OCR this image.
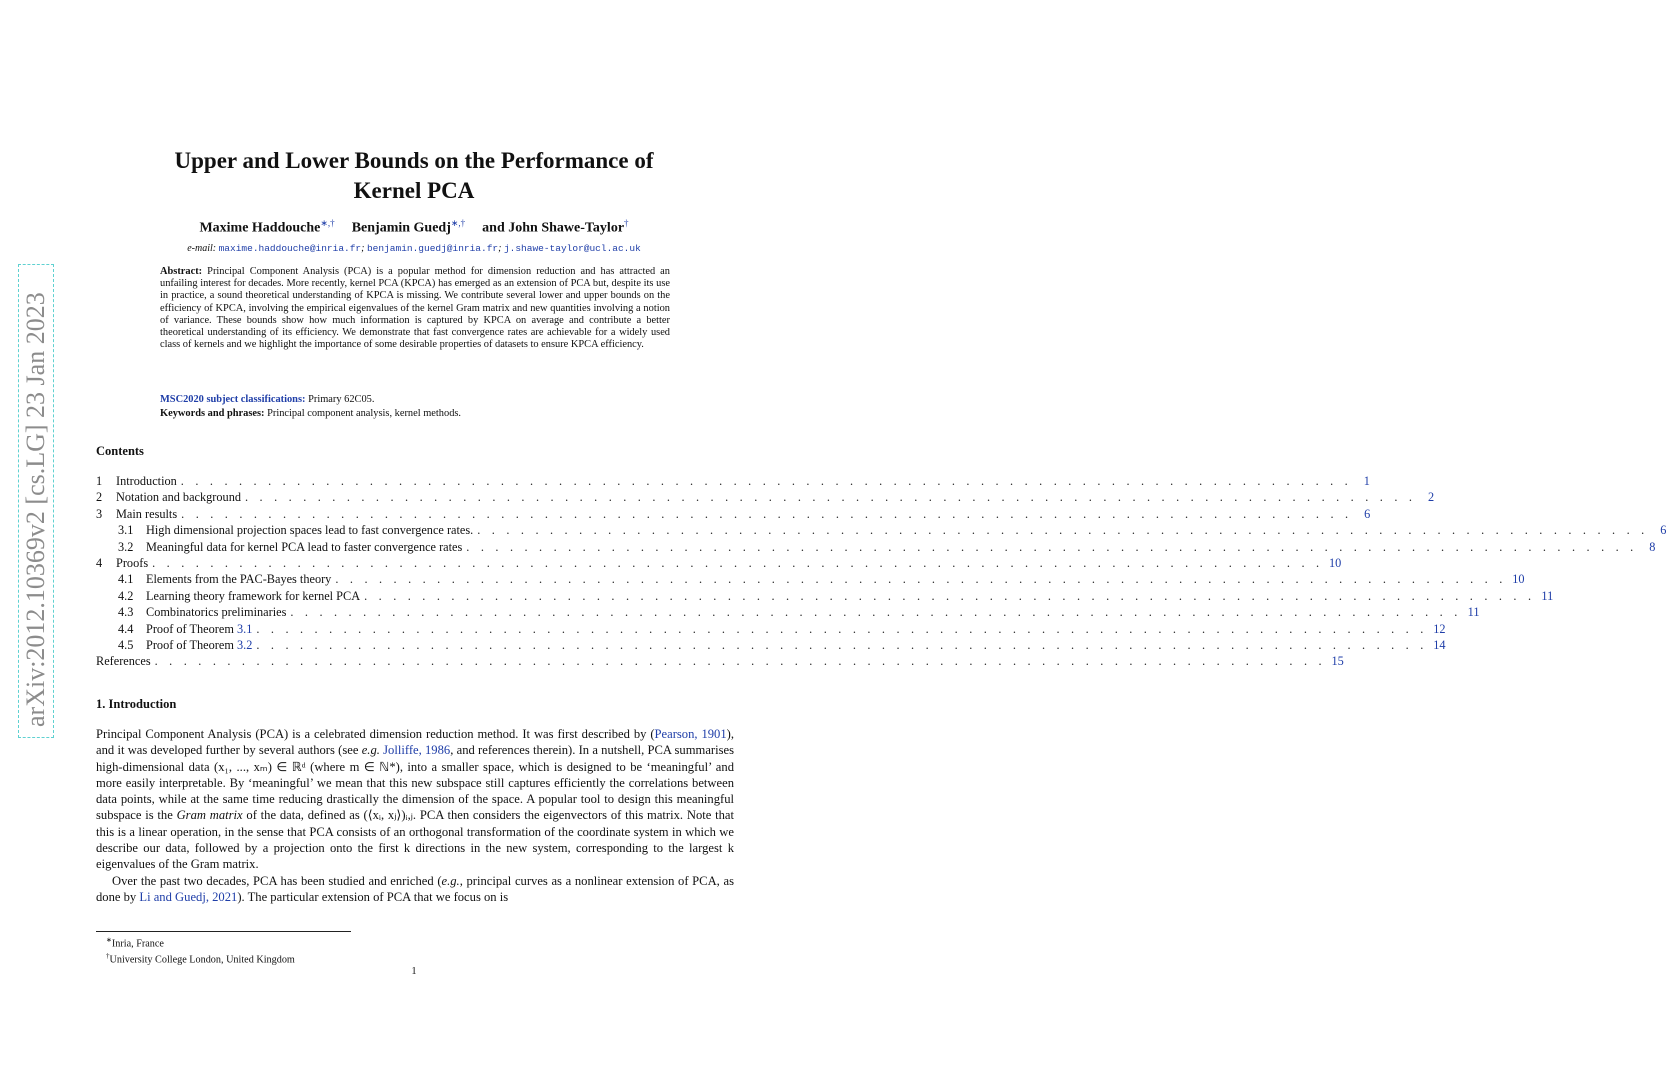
arXiv:2012.10369v2 [cs.LG] 23 Jan 2023
Upper and Lower Bounds on the Performance of
Kernel PCA
Maxime Haddouche∗,† Benjamin Guedj∗,† and John Shawe-Taylor†
e-mail: maxime.haddouche@inria.fr; benjamin.guedj@inria.fr; j.shawe-taylor@ucl.ac.uk
Abstract: Principal Component Analysis (PCA) is a popular method for dimension reduction and has attracted an unfailing interest for decades. More recently, kernel PCA (KPCA) has emerged as an extension of PCA but, despite its use in practice, a sound theoretical understanding of KPCA is missing. We contribute several lower and upper bounds on the efficiency of KPCA, involving the empirical eigenvalues of the kernel Gram matrix and new quantities involving a notion of variance. These bounds show how much information is captured by KPCA on average and contribute a better theoretical understanding of its efficiency. We demonstrate that fast convergence rates are achievable for a widely used class of kernels and we highlight the importance of some desirable properties of datasets to ensure KPCA efficiency.
MSC2020 subject classifications: Primary 62C05.
Keywords and phrases: Principal component analysis, kernel methods.
Contents
1	Introduction . . . . . . . . . . . . . . . . . . . . . . . . . . . . . . . . . . . . . . . . . . . . . . . . . . . . . . . . . . . . . . . . . . . . . . . . . . . . . . . . . 1
2	Notation and background . . . . . . . . . . . . . . . . . . . . . . . . . . . . . . . . . . . . . . . . . . . . . . . . . . . . . . . . . . . . . . . . . . . . . . . . . . . . . . . . . 2
3	Main results . . . . . . . . . . . . . . . . . . . . . . . . . . . . . . . . . . . . . . . . . . . . . . . . . . . . . . . . . . . . . . . . . . . . . . . . . . . . . . . . . 6
3.1	High dimensional projection spaces lead to fast convergence rates. . . . . . . . . . . . . . . . . . . . . . . . . . . . . . . . . . . . . . . . . . . . . . . . . . . . . . . . . . . . . . . . . . . . . . . . . . . . . . . . . . 6
3.2	Meaningful data for kernel PCA lead to faster convergence rates . . . . . . . . . . . . . . . . . . . . . . . . . . . . . . . . . . . . . . . . . . . . . . . . . . . . . . . . . . . . . . . . . . . . . . . . . . . . . . . . . 8
4	Proofs . . . . . . . . . . . . . . . . . . . . . . . . . . . . . . . . . . . . . . . . . . . . . . . . . . . . . . . . . . . . . . . . . . . . . . . . . . . . . . . . . 10
4.1	Elements from the PAC-Bayes theory . . . . . . . . . . . . . . . . . . . . . . . . . . . . . . . . . . . . . . . . . . . . . . . . . . . . . . . . . . . . . . . . . . . . . . . . . . . . . . . . . 10
4.2	Learning theory framework for kernel PCA . . . . . . . . . . . . . . . . . . . . . . . . . . . . . . . . . . . . . . . . . . . . . . . . . . . . . . . . . . . . . . . . . . . . . . . . . . . . . . . . . 11
4.3	Combinatorics preliminaries . . . . . . . . . . . . . . . . . . . . . . . . . . . . . . . . . . . . . . . . . . . . . . . . . . . . . . . . . . . . . . . . . . . . . . . . . . . . . . . . . 11
4.4	Proof of Theorem 3.1 . . . . . . . . . . . . . . . . . . . . . . . . . . . . . . . . . . . . . . . . . . . . . . . . . . . . . . . . . . . . . . . . . . . . . . . . . . . . . . . . . 12
4.5	Proof of Theorem 3.2 . . . . . . . . . . . . . . . . . . . . . . . . . . . . . . . . . . . . . . . . . . . . . . . . . . . . . . . . . . . . . . . . . . . . . . . . . . . . . . . . . 14
References . . . . . . . . . . . . . . . . . . . . . . . . . . . . . . . . . . . . . . . . . . . . . . . . . . . . . . . . . . . . . . . . . . . . . . . . . . . . . . . . . 15
1. Introduction

Principal Component Analysis (PCA) is a celebrated dimension reduction method. It was first described by (Pearson, 1901), and it was developed further by several authors (see e.g. Jolliffe, 1986, and references therein). In a nutshell, PCA summarises high-dimensional data (x₁, ..., xₘ) ∈ ℝᵈ (where m ∈ ℕ*), into a smaller space, which is designed to be ‘meaningful’ and more easily interpretable. By ‘meaningful’ we mean that this new subspace still captures efficiently the correlations between data points, while at the same time reducing drastically the dimension of the space. A popular tool to design this meaningful subspace is the Gram matrix of the data, defined as (⟨xᵢ, xⱼ⟩)ᵢ,ⱼ. PCA then considers the eigenvectors of this matrix. Note that this is a linear operation, in the sense that PCA consists of an orthogonal transformation of the coordinate system in which we describe our data, followed by a projection onto the first k directions in the new system, corresponding to the largest k eigenvalues of the Gram matrix.

Over the past two decades, PCA has been studied and enriched (e.g., principal curves as a nonlinear extension of PCA, as done by Li and Guedj, 2021). The particular extension of PCA that we focus on is

∗Inria, France
†University College London, United Kingdom
1
